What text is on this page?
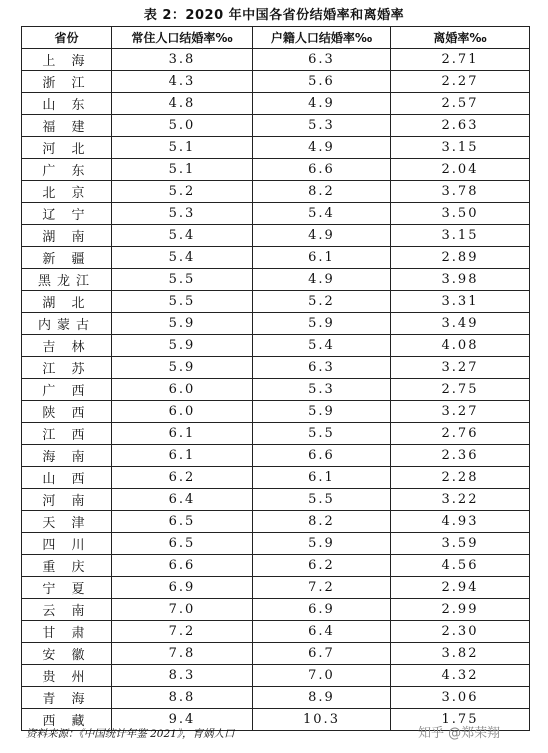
表 2：2020 年中国各省份结婚率和离婚率
省份	常住人口结婚率‰	户籍人口结婚率‰	离婚率‰
上 海	3.8	6.3	2.71
浙 江	4.3	5.6	2.27
山 东	4.8	4.9	2.57
福 建	5.0	5.3	2.63
河 北	5.1	4.9	3.15
广 东	5.1	6.6	2.04
北 京	5.2	8.2	3.78
辽 宁	5.3	5.4	3.50
湖 南	5.4	4.9	3.15
新 疆	5.4	6.1	2.89
黑龙江	5.5	4.9	3.98
湖 北	5.5	5.2	3.31
内蒙古	5.9	5.9	3.49
吉 林	5.9	5.4	4.08
江 苏	5.9	6.3	3.27
广 西	6.0	5.3	2.75
陕 西	6.0	5.9	3.27
江 西	6.1	5.5	2.76
海 南	6.1	6.6	2.36
山 西	6.2	6.1	2.28
河 南	6.4	5.5	3.22
天 津	6.5	8.2	4.93
四 川	6.5	5.9	3.59
重 庆	6.6	6.2	4.56
宁 夏	6.9	7.2	2.94
云 南	7.0	6.9	2.99
甘 肃	7.2	6.4	2.30
安 徽	7.8	6.7	3.82
贵 州	8.3	7.0	4.32
青 海	8.8	8.9	3.06
西 藏	9.4	10.3	1.75
资料来源：《中国统计年鉴 2021》，育娲人口	知乎 @郑荣翔
